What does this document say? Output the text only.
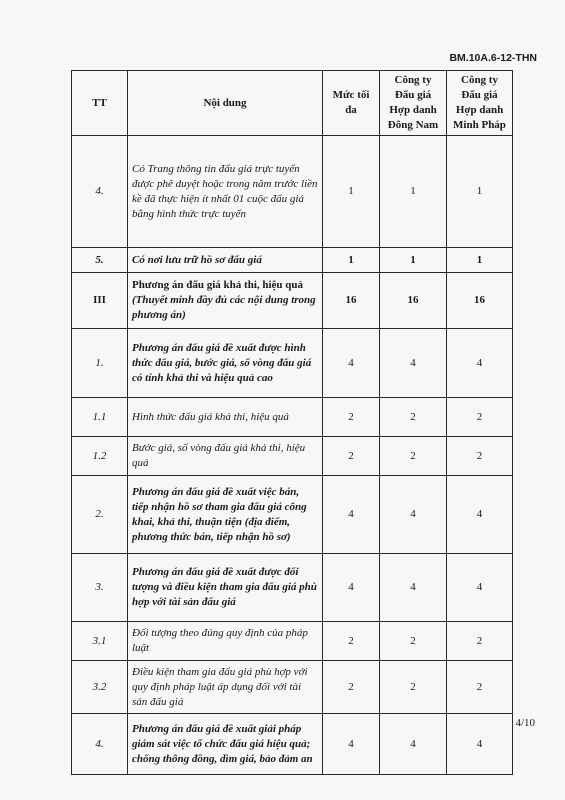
BM.10A.6-12-THN
TT	Nội dung	Mức tối đa	Công ty Đấu giá Hợp danh Đông Nam	Công ty Đấu giá Hợp danh Minh Pháp
4.	Có Trang thông tin đấu giá trực tuyến được phê duyệt hoặc trong năm trước liền kề đã thực hiện ít nhất 01 cuộc đấu giá bằng hình thức trực tuyến	1	1	1
5.	Có nơi lưu trữ hồ sơ đấu giá	1	1	1
III	Phương án đấu giá khả thi, hiệu quả (Thuyết minh đầy đủ các nội dung trong phương án)	16	16	16
1.	Phương án đấu giá đề xuất được hình thức đấu giá, bước giá, số vòng đấu giá có tính khả thi và hiệu quả cao	4	4	4
1.1	Hình thức đấu giá khả thi, hiệu quả	2	2	2
1.2	Bước giá, số vòng đấu giá khả thi, hiệu quả	2	2	2
2.	Phương án đấu giá đề xuất việc bán, tiếp nhận hồ sơ tham gia đấu giá công khai, khả thi, thuận tiện (địa điểm, phương thức bán, tiếp nhận hồ sơ)	4	4	4
3.	Phương án đấu giá đề xuất được đối tượng và điều kiện tham gia đấu giá phù hợp với tài sản đấu giá	4	4	4
3.1	Đối tượng theo đúng quy định của pháp luật	2	2	2
3.2	Điều kiện tham gia đấu giá phù hợp với quy định pháp luật áp dụng đối với tài sản đấu giá	2	2	2
4.	Phương án đấu giá đề xuất giải pháp giám sát việc tổ chức đấu giá hiệu quả; chống thông đồng, dìm giá, bảo đảm an	4	4	4
4/10
